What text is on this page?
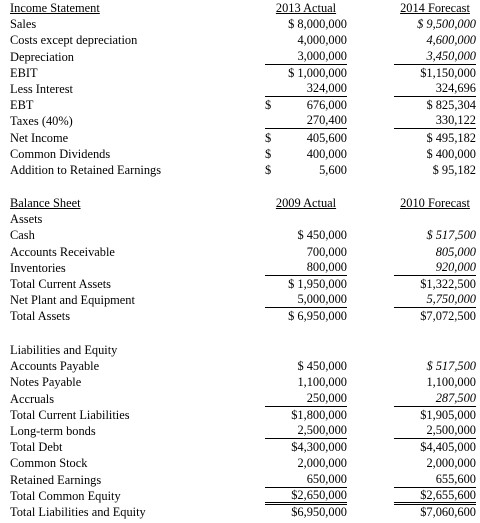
Income Statement	2013 Actual	2014 Forecast
Sales	$ 8,000,000	$ 9,500,000
Costs except depreciation	4,000,000	4,600,000
Depreciation	3,000,000	3,450,000
EBIT	$ 1,000,000	$1,150,000
Less Interest	324,000	324,696
EBT	$	676,000	$ 825,304
Taxes (40%)	270,400	330,122
Net Income	$	405,600	$ 495,182
Common Dividends	$	400,000	$ 400,000
Addition to Retained Earnings	$	5,600	$ 95,182
Balance Sheet	2009 Actual	2010 Forecast
Assets
Cash	$ 450,000	$ 517,500
Accounts Receivable	700,000	805,000
Inventories	800,000	920,000
Total Current Assets	$ 1,950,000	$1,322,500
Net Plant and Equipment	5,000,000	5,750,000
Total Assets	$ 6,950,000	$7,072,500
Liabilities and Equity
Accounts Payable	$ 450,000	$ 517,500
Notes Payable	1,100,000	1,100,000
Accruals	250,000	287,500
Total Current Liabilities	$1,800,000	$1,905,000
Long-term bonds	2,500,000	2,500,000
Total Debt	$4,300,000	$4,405,000
Common Stock	2,000,000	2,000,000
Retained Earnings	650,000	655,600
Total Common Equity	$2,650,000	$2,655,600
Total Liabilities and Equity	$6,950,000	$7,060,600
